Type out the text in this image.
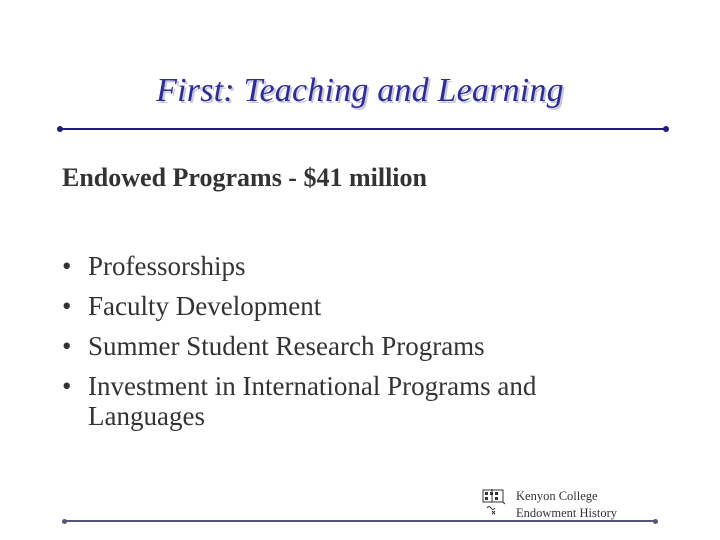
First: Teaching and Learning
Endowed Programs - $41 million
• Professorships
• Faculty Development
• Summer Student Research Programs
• Investment in International Programs and Languages
Kenyon College
Endowment History
